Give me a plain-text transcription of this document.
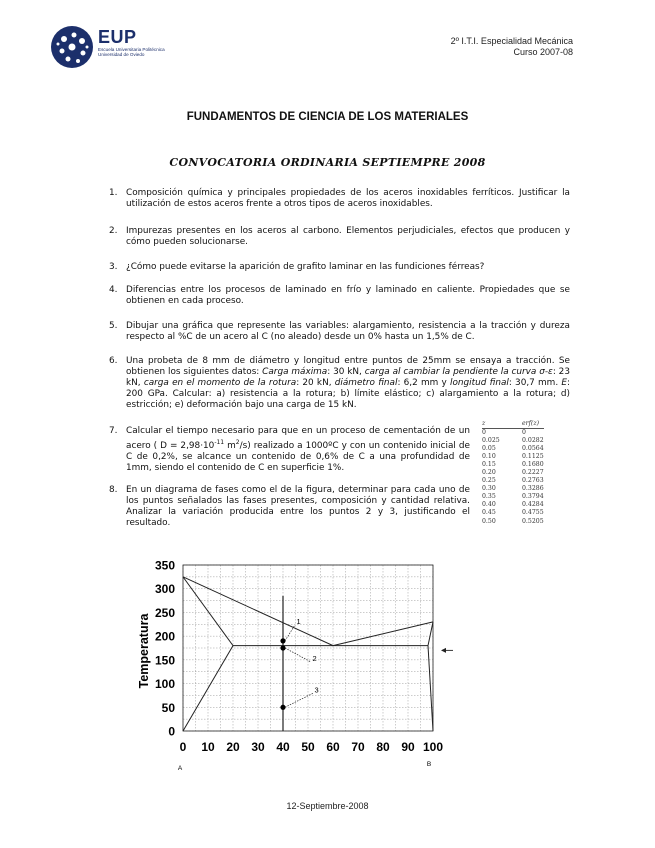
EUP
Escuela Universitaria Politécnica Universidad de Oviedo
2º I.T.I. Especialidad Mecánica
Curso 2007-08
FUNDAMENTOS DE CIENCIA DE LOS MATERIALES
CONVOCATORIA ORDINARIA SEPTIEMPRE 2008
1. Composición química y principales propiedades de los aceros inoxidables ferríticos. Justificar la utilización de estos aceros frente a otros tipos de aceros inoxidables.
2. Impurezas presentes en los aceros al carbono. Elementos perjudiciales, efectos que producen y cómo pueden solucionarse.
3. ¿Cómo puede evitarse la aparición de grafito laminar en las fundiciones férreas?
4. Diferencias entre los procesos de laminado en frío y laminado en caliente. Propiedades que se obtienen en cada proceso.
5. Dibujar una gráfica que represente las variables: alargamiento, resistencia a la tracción y dureza respecto al %C de un acero al C (no aleado) desde un 0% hasta un 1,5% de C.
6. Una probeta de 8 mm de diámetro y longitud entre puntos de 25mm se ensaya a tracción. Se obtienen los siguientes datos: Carga máxima: 30 kN, carga al cambiar la pendiente la curva σ-ε: 23 kN, carga en el momento de la rotura: 20 kN, diámetro final: 6,2 mm y longitud final: 30,7 mm. E: 200 GPa. Calcular: a) resistencia a la rotura; b) límite elástico; c) alargamiento a la rotura; d) estricción; e) deformación bajo una carga de 15 kN.
7. Calcular el tiempo necesario para que en un proceso de cementación de un acero ( $D = 2,98\cdot 10^{-11}$ $m^2/s$) realizado a 1000ºC y con un contenido inicial de C de 0,2%, se alcance un contenido de 0,6% de C a una profundidad de 1mm, siendo el contenido de C en superficie 1%.
8. En un diagrama de fases como el de la figura, determinar para cada uno de los puntos señalados las fases presentes, composición y cantidad relativa. Analizar la variación producida entre los puntos 2 y 3, justificando el resultado.
z	erf(z)
0	0
0.025	0.0282
0.05	0.0564
0.10	0.1125
0.15	0.1680
0.20	0.2227
0.25	0.2763
0.30	0.3286
0.35	0.3794
0.40	0.4284
0.45	0.4755
0.50	0.5205
0 10 20 30 40 50 60 70 80 90 100
0
50
100
150
200
250
300
350
1
2
3
Temperatura
A
B
12-Septiembre-2008
